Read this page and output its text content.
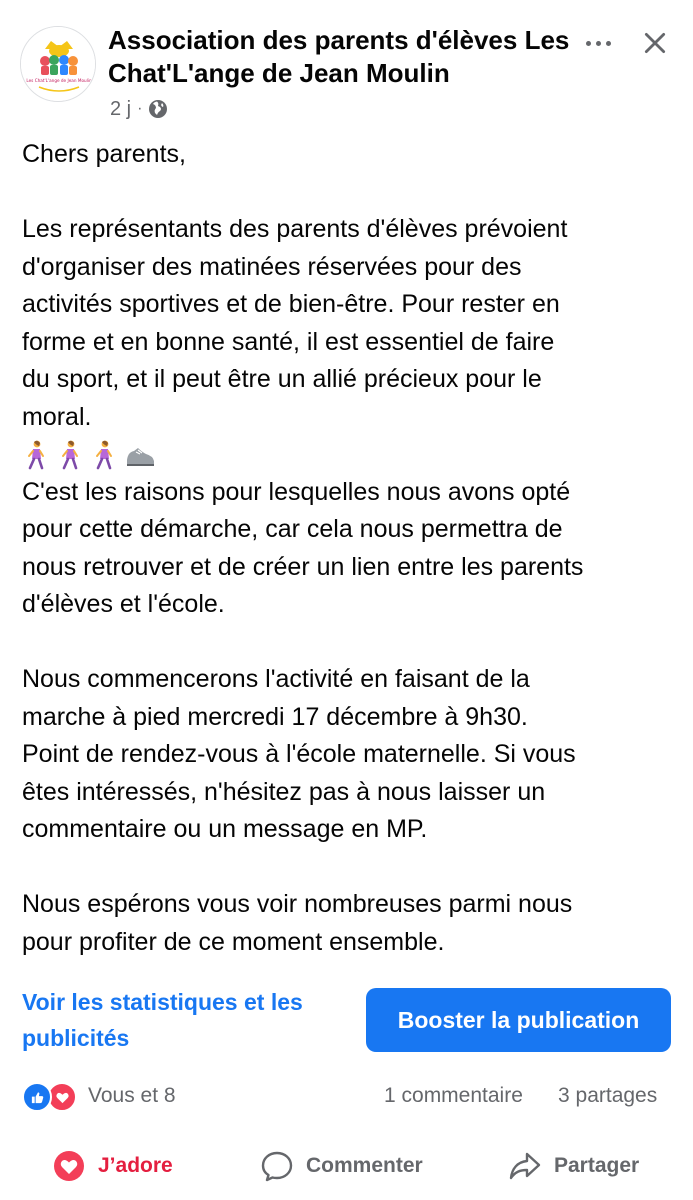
Les Chat'L'ange de Jean Moulin
Association des parents d'élèves Les Chat'L'ange de Jean Moulin
2 j ·

Chers parents,

Les représentants des parents d'élèves prévoient

d'organiser des matinées réservées pour des

activités sportives et de bien-être. Pour rester en

forme et en bonne santé, il est essentiel de faire

du sport, et il peut être un allié précieux pour le

moral.

C'est les raisons pour lesquelles nous avons opté

pour cette démarche, car cela nous permettra de

nous retrouver et de créer un lien entre les parents

d'élèves et l'école.

Nous commencerons l'activité en faisant de la

marche à pied mercredi 17 décembre à 9h30.

Point de rendez-vous à l'école maternelle. Si vous

êtes intéressés, n'hésitez pas à nous laisser un

commentaire ou un message en MP.

Nous espérons vous voir nombreuses parmi nous

pour profiter de ce moment ensemble.

Voir les statistiques et les publicités
Booster la publication
Vous et 8	1 commentaire 3 partages
J’adore	Commenter	Partager
